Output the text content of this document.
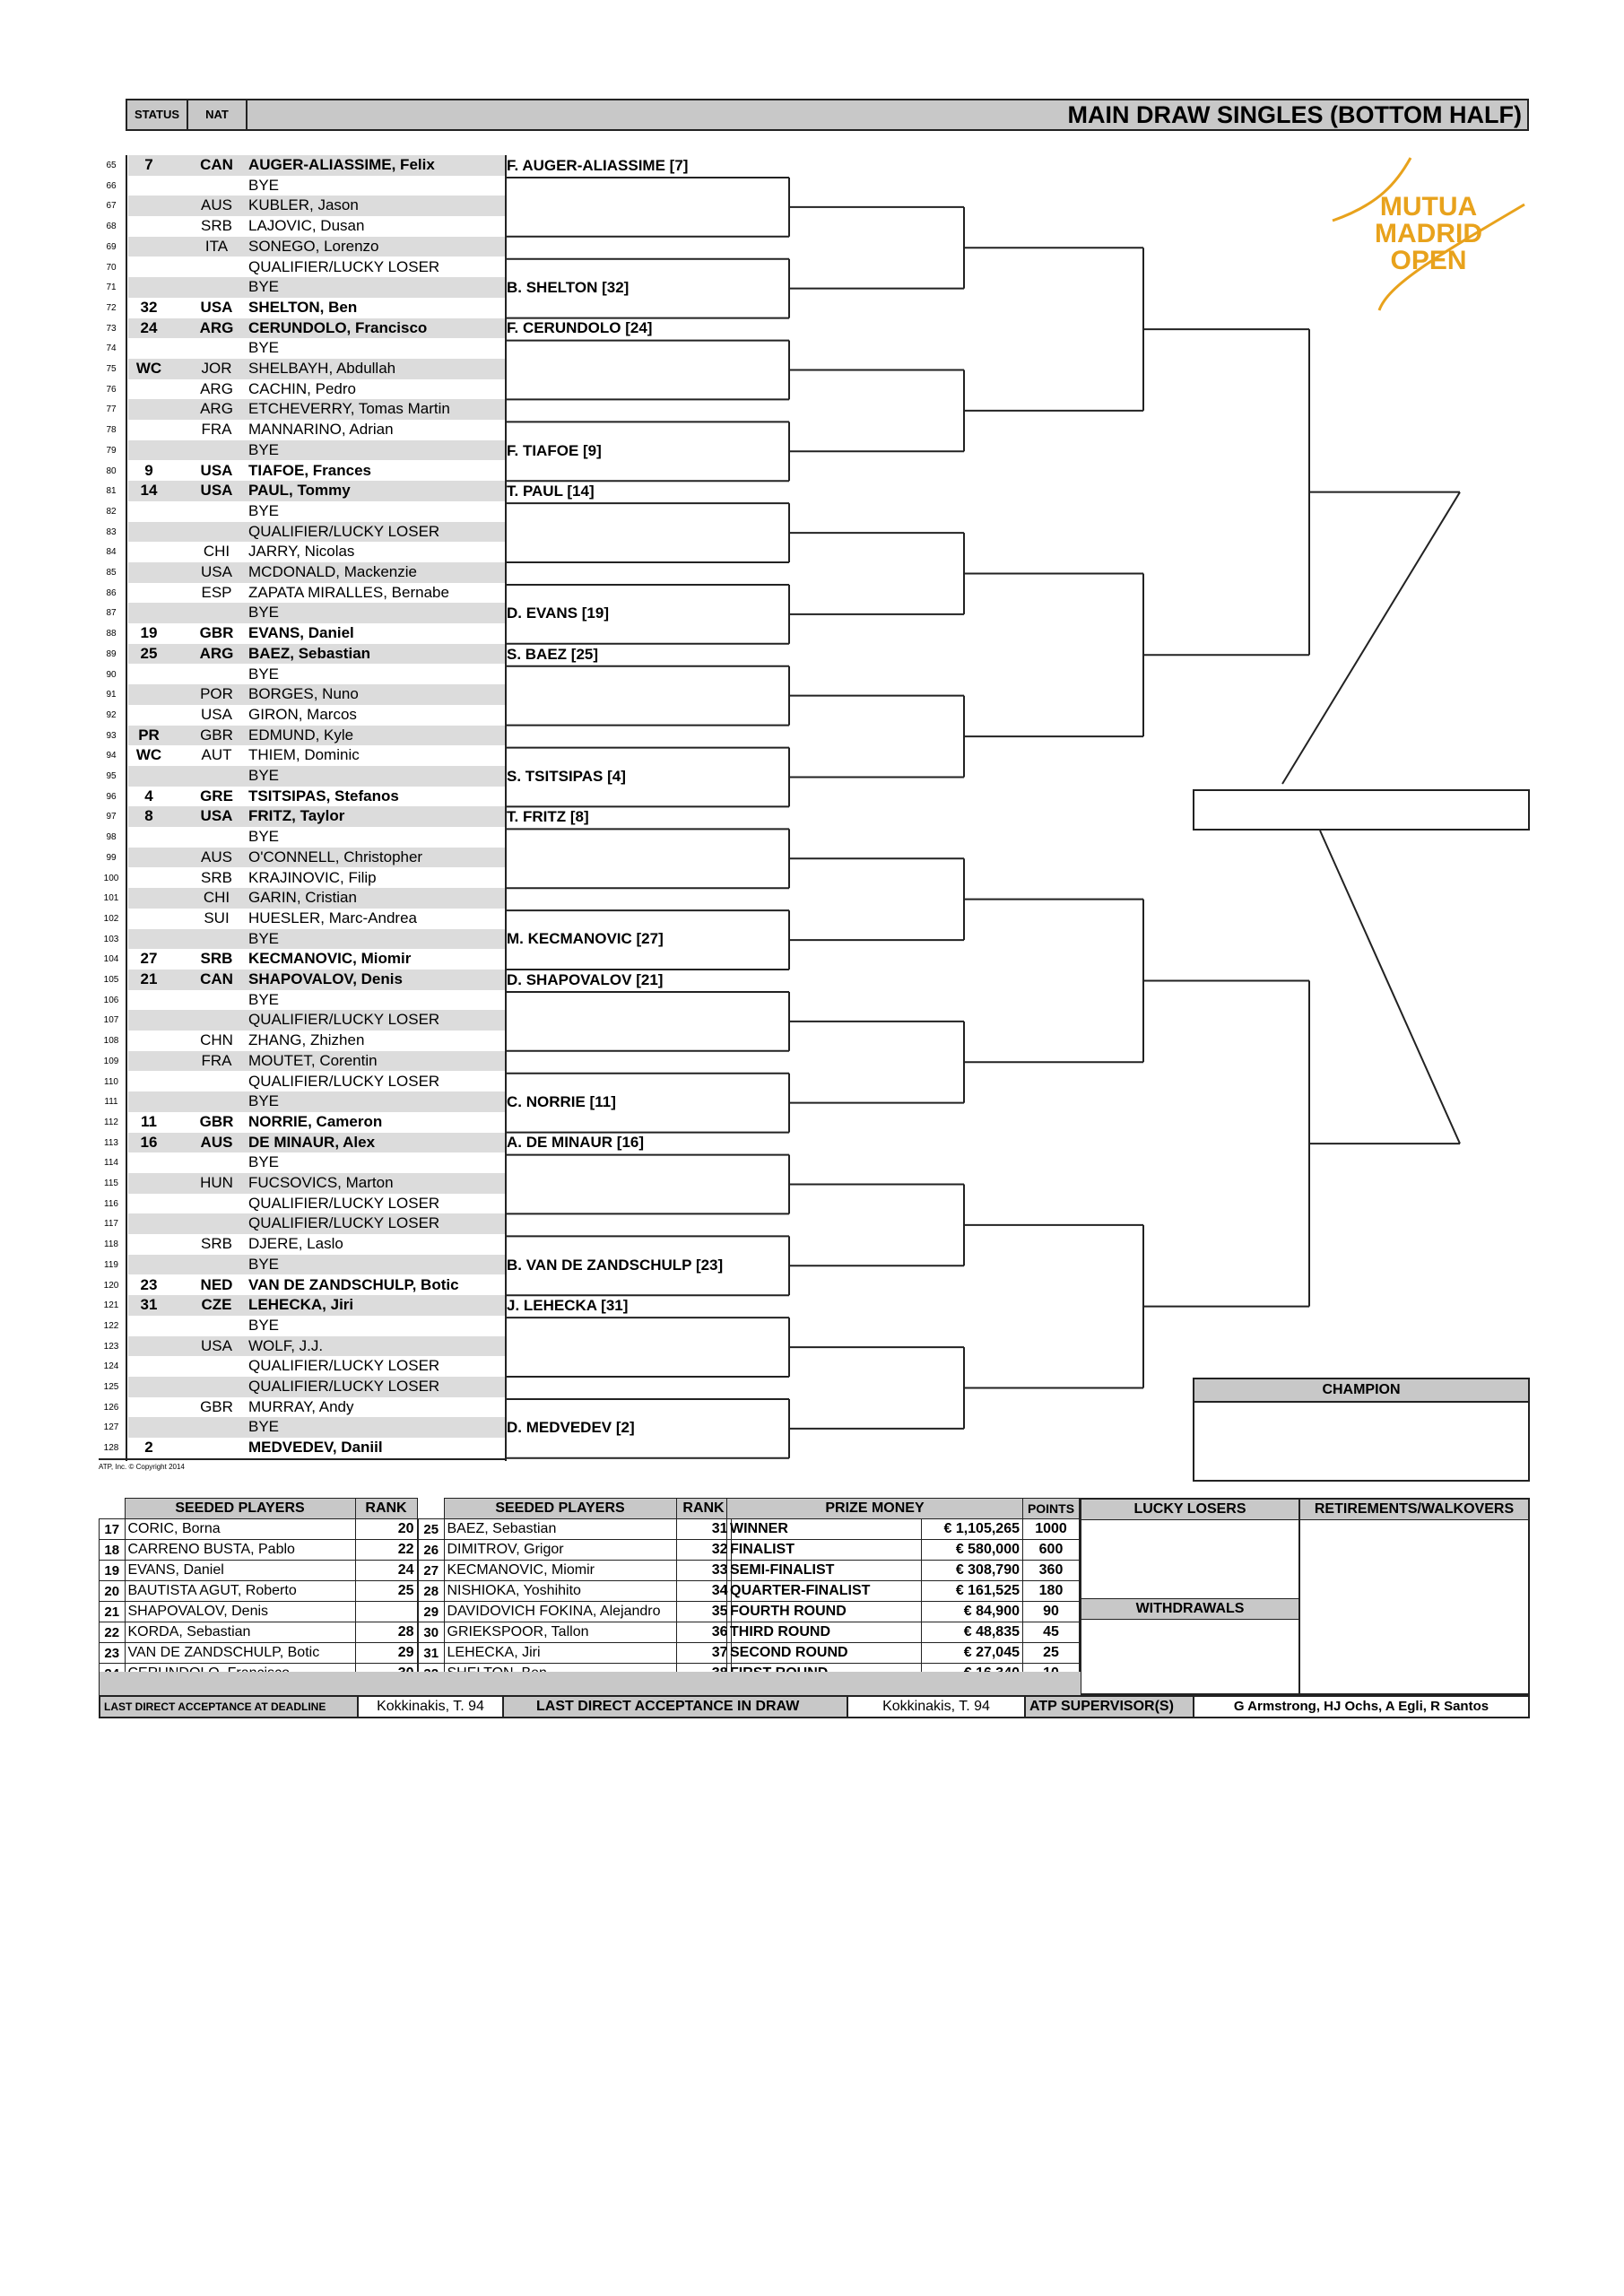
STATUS	NAT	MAIN DRAW SINGLES (BOTTOM HALF)
MUTUA
MADRID
OPEN
65	7	CAN AUGER-ALIASSIME, Felix
66	BYE
67	AUS	KUBLER, Jason
68	SRB	LAJOVIC, Dusan
69	ITA	SONEGO, Lorenzo
70	QUALIFIER/LUCKY LOSER
71	BYE
72	32	USA	SHELTON, Ben
73	24	ARG CERUNDOLO, Francisco
74	BYE
75	WC	JOR	SHELBAYH, Abdullah
76	ARG CACHIN, Pedro
77	ARG ETCHEVERRY, Tomas Martin
78	FRA	MANNARINO, Adrian
79	BYE
80	9	USA	TIAFOE, Frances
81	14	USA	PAUL, Tommy
82	BYE
83	QUALIFIER/LUCKY LOSER
84	CHI	JARRY, Nicolas
85	USA	MCDONALD, Mackenzie
86	ESP	ZAPATA MIRALLES, Bernabe
87	BYE
88	19	GBR EVANS, Daniel
89	25	ARG BAEZ, Sebastian
90	BYE
91	POR BORGES, Nuno
92	USA	GIRON, Marcos
93	PR	GBR EDMUND, Kyle
94	WC	AUT	THIEM, Dominic
95	BYE
96	4	GRE TSITSIPAS, Stefanos
97	8	USA	FRITZ, Taylor
98	BYE
99	AUS	O'CONNELL, Christopher
100	SRB	KRAJINOVIC, Filip
101	CHI	GARIN, Cristian
102	SUI	HUESLER, Marc-Andrea
103	BYE
104	27	SRB	KECMANOVIC, Miomir
105	21	CAN SHAPOVALOV, Denis
106	BYE
107	QUALIFIER/LUCKY LOSER
108	CHN ZHANG, Zhizhen
109	FRA	MOUTET, Corentin
110	QUALIFIER/LUCKY LOSER
111	BYE
112	11	GBR NORRIE, Cameron
113	16	AUS	DE MINAUR, Alex
114	BYE
115	HUN FUCSOVICS, Marton
116	QUALIFIER/LUCKY LOSER
117	QUALIFIER/LUCKY LOSER
118	SRB	DJERE, Laslo
119	BYE
120	23	NED	VAN DE ZANDSCHULP, Botic
121	31	CZE	LEHECKA, Jiri
122	BYE
123	USA	WOLF, J.J.
124	QUALIFIER/LUCKY LOSER
125	QUALIFIER/LUCKY LOSER
126	GBR MURRAY, Andy
127	BYE
128	2	MEDVEDEV, Daniil
F. AUGER-ALIASSIME [7]
B. SHELTON [32]
F. CERUNDOLO [24]
F. TIAFOE [9]
T. PAUL [14]
D. EVANS [19]
S. BAEZ [25]
S. TSITSIPAS [4]
T. FRITZ [8]
M. KECMANOVIC [27]
D. SHAPOVALOV [21]
C. NORRIE [11]
A. DE MINAUR [16]
B. VAN DE ZANDSCHULP [23]
J. LEHECKA [31]
D. MEDVEDEV [2]
CHAMPION
ATP, Inc. © Copyright 2014
	SEEDED PLAYERS	RANK
17	CORIC, Borna	20
18	CARRENO BUSTA, Pablo	22
19	EVANS, Daniel	24
20	BAUTISTA AGUT, Roberto	25
21	SHAPOVALOV, Denis	
22	KORDA, Sebastian	28
23	VAN DE ZANDSCHULP, Botic	29

	SEEDED PLAYERS	RANK
25	BAEZ, Sebastian	31
26	DIMITROV, Grigor	32
27	KECMANOVIC, Miomir	33
28	NISHIOKA, Yoshihito	34
29	DAVIDOVICH FOKINA, Alejandro	35
30	GRIEKSPOOR, Tallon	36
31	LEHECKA, Jiri	37

PRIZE MONEY		POINTS
WINNER	€ 1,105,265	1000
FINALIST	€ 580,000	600
SEMI-FINALIST	€ 308,790	360
QUARTER-FINALIST	€ 161,525	180
FOURTH ROUND	€ 84,900	90
THIRD ROUND	€ 48,835	45
SECOND ROUND	€ 27,045	25

LUCKY LOSERS
WITHDRAWALS
RETIREMENTS/WALKOVERS
LAST DIRECT ACCEPTANCE AT DEADLINE	Kokkinakis, T. 94	LAST DIRECT ACCEPTANCE IN DRAW	Kokkinakis, T. 94	ATP SUPERVISOR(S)	G Armstrong, HJ Ochs, A Egli, R Santos
